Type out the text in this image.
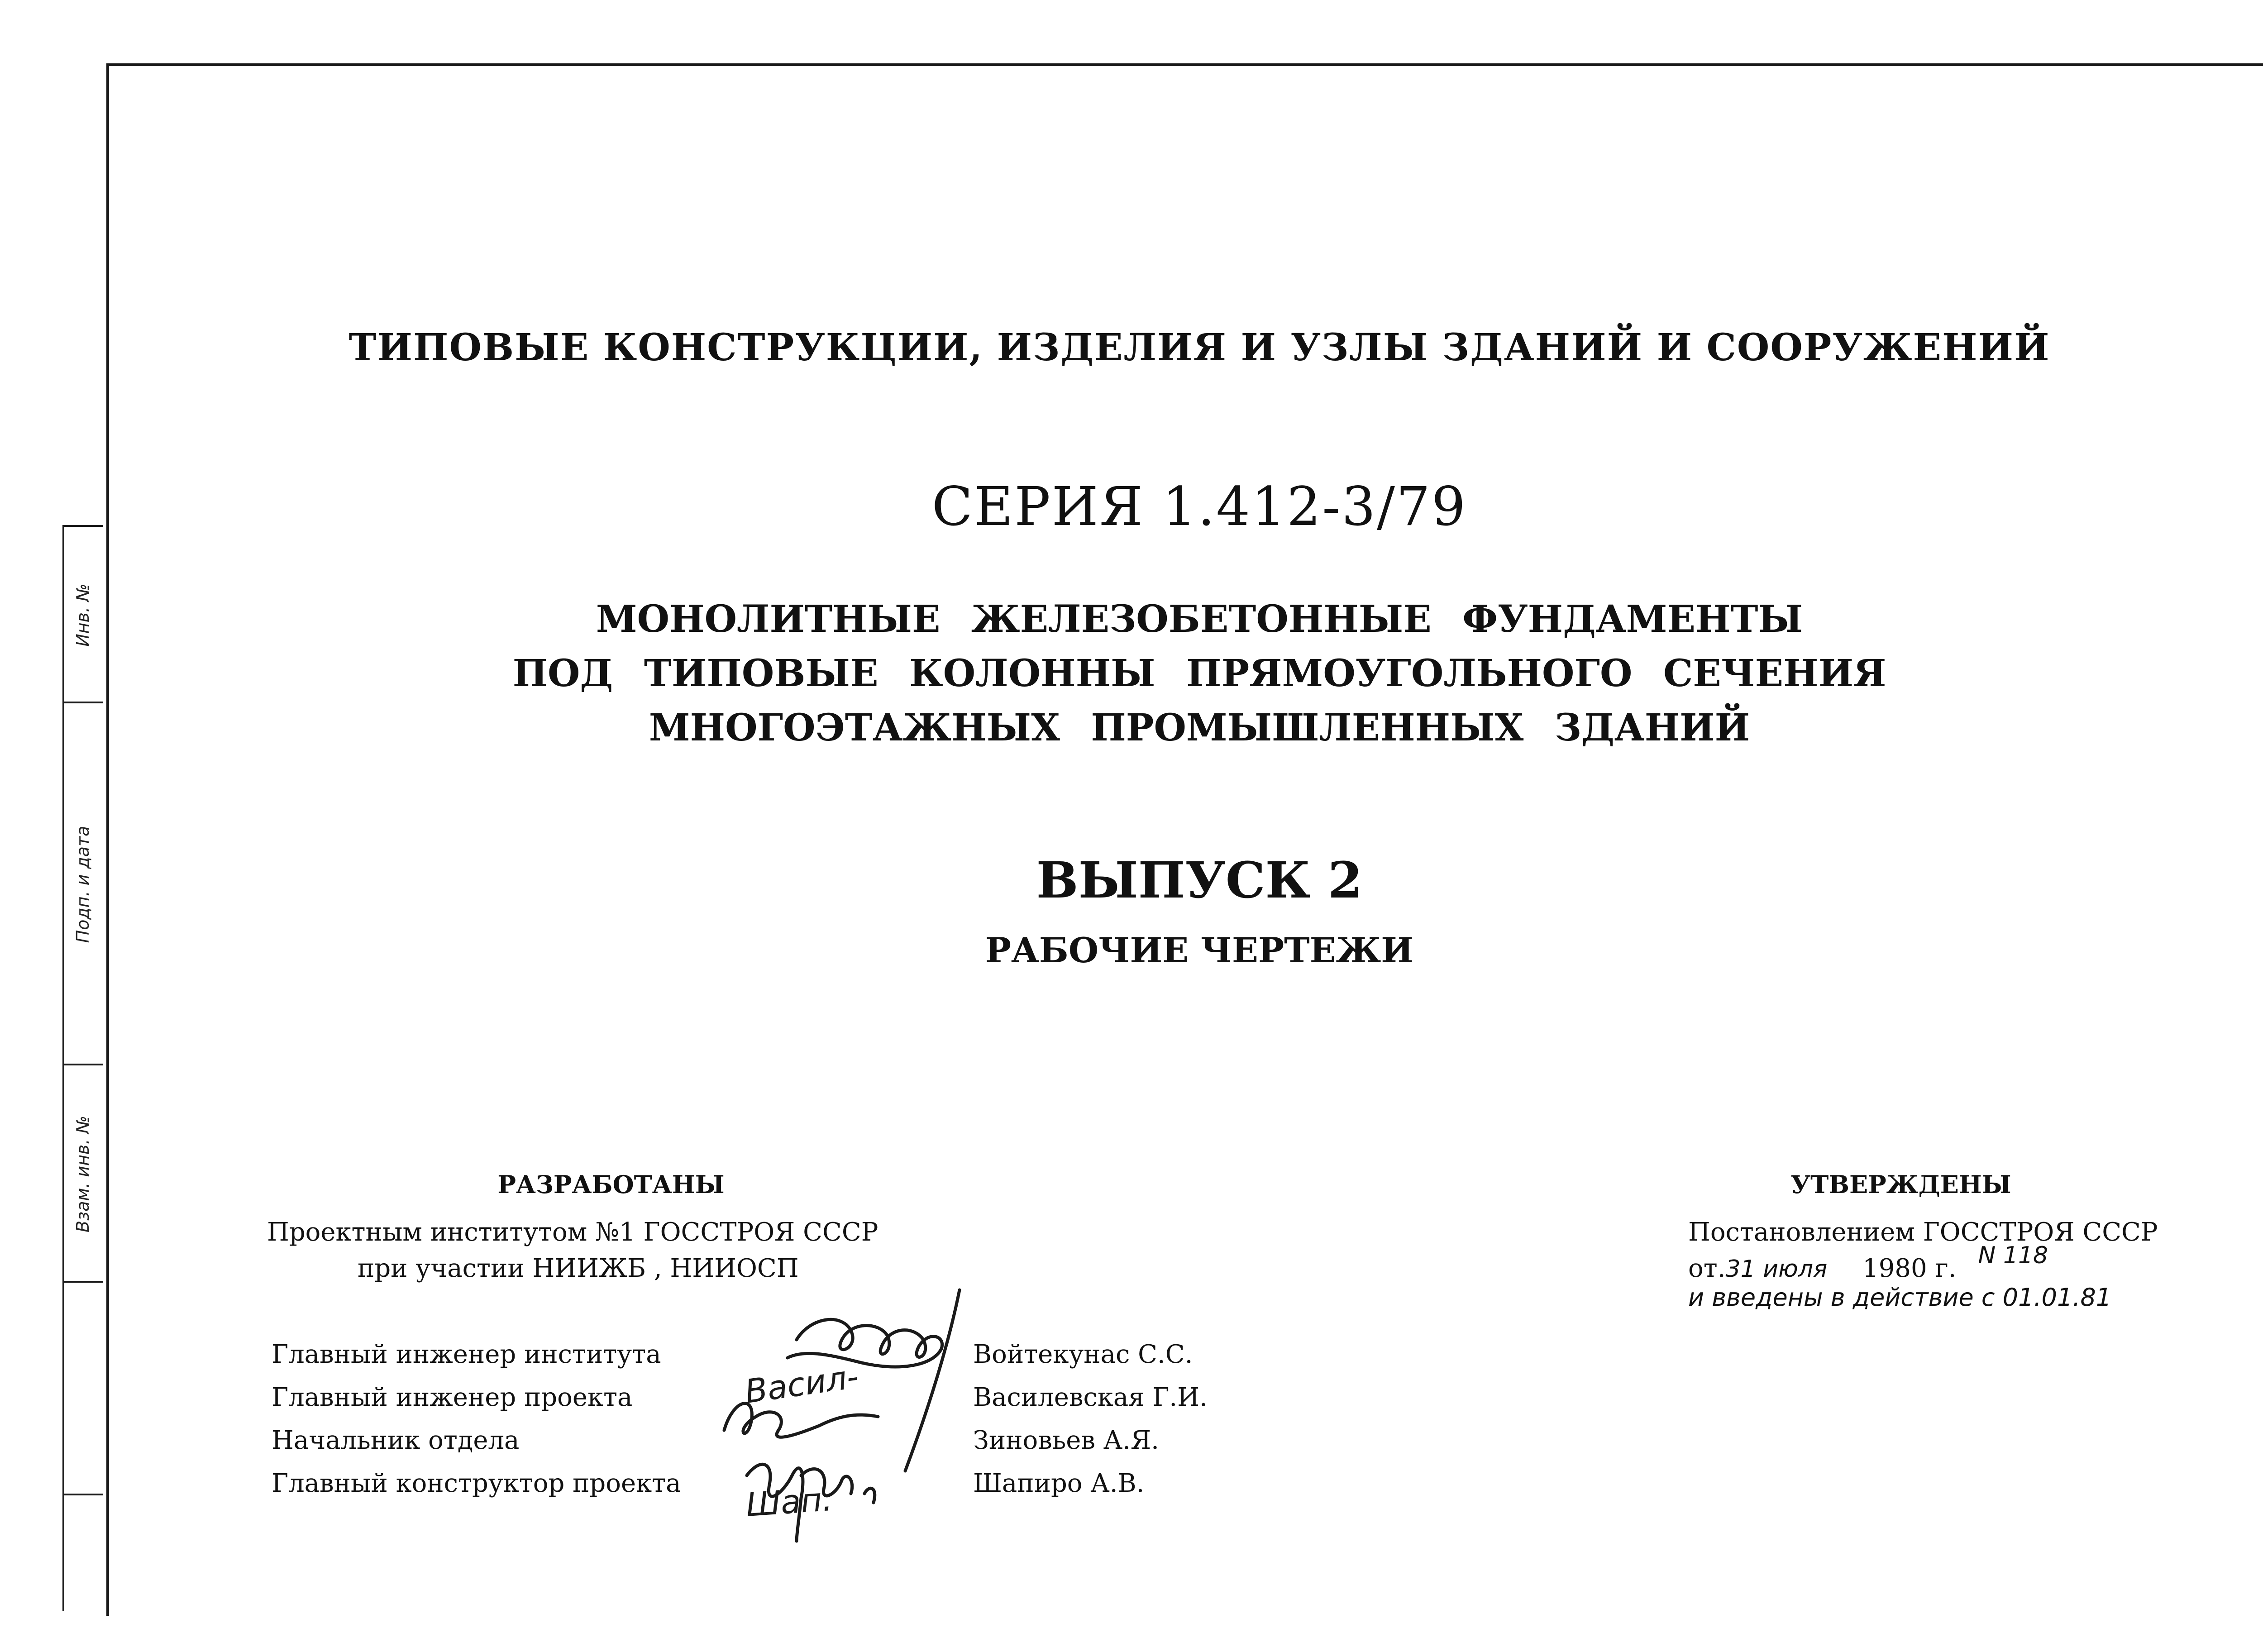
Инв. №
Подп. и дата
Взам. инв. №
ТИПОВЫЕ КОНСТРУКЦИИ, ИЗДЕЛИЯ И УЗЛЫ ЗДАНИЙ И СООРУЖЕНИЙ
СЕРИЯ 1.412-3/79
МОНОЛИТНЫЕ ЖЕЛЕЗОБЕТОННЫЕ ФУНДАМЕНТЫ
ПОД ТИПОВЫЕ КОЛОННЫ ПРЯМОУГОЛЬНОГО СЕЧЕНИЯ
МНОГОЭТАЖНЫХ ПРОМЫШЛЕННЫХ ЗДАНИЙ
ВЫПУСК 2
РАБОЧИЕ ЧЕРТЕЖИ
РАЗРАБОТАНЫ
Проектным институтом №1 ГОССТРОЯ СССР
при участии НИИЖБ , НИИОСП
УТВЕРЖДЕНЫ
Постановлением ГОССТРОЯ СССР
от.31 июля 1980 г. N 118
и введены в действие с 01.01.81
Главный инженер института
Главный инженер проекта
Начальник отдела
Главный конструктор проекта
Войтекунас С.С.
Василевская Г.И.
Зиновьев А.Я.
Шапиро А.В.
Васил-
Шап.
